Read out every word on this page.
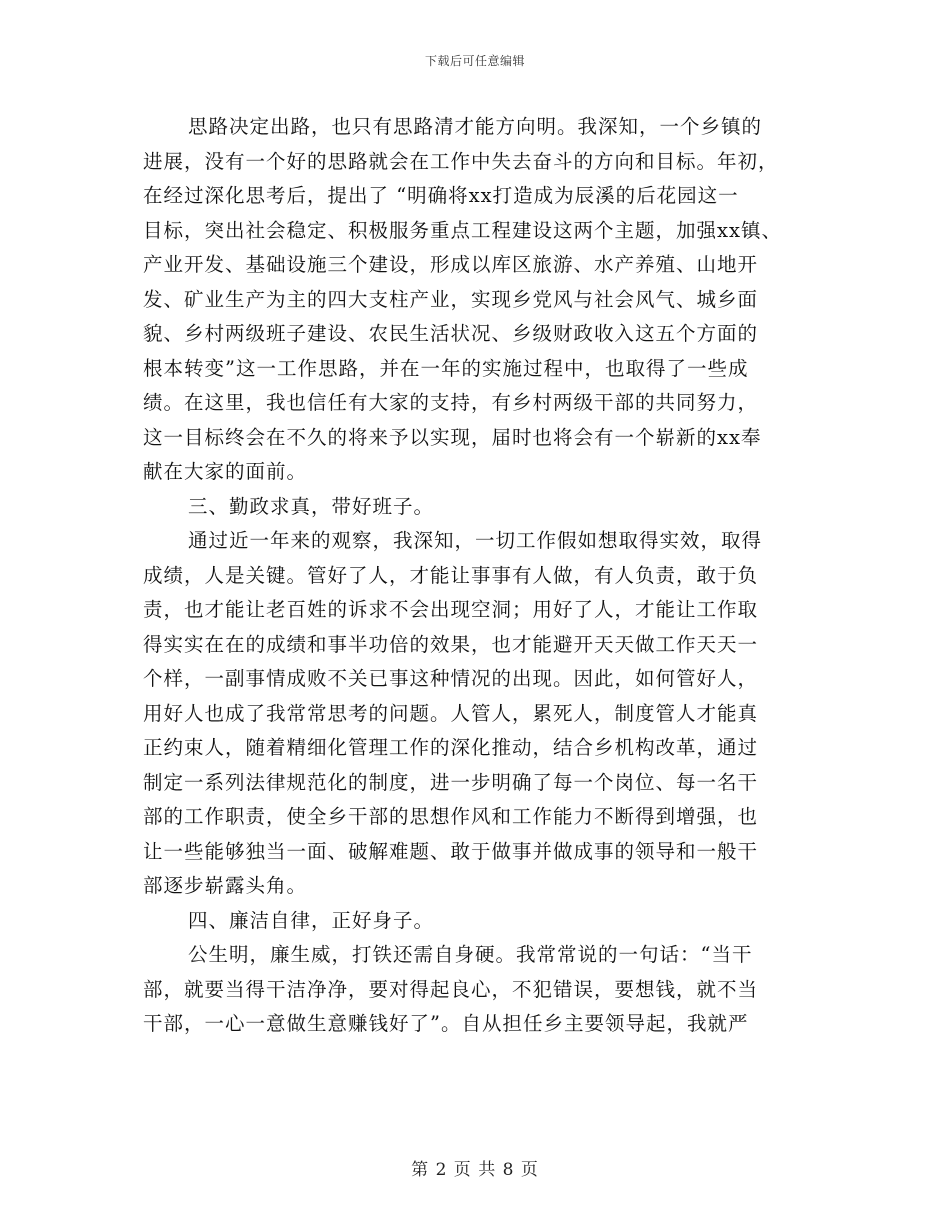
下载后可任意编辑
思路决定出路，也只有思路清才能方向明。我深知，一个乡镇的
进展，没有一个好的思路就会在工作中失去奋斗的方向和目标。年初，
在经过深化思考后，提出了 “明确将xx打造成为辰溪的后花园这一
目标，突出社会稳定、积极服务重点工程建设这两个主题，加强xx镇、
产业开发、基础设施三个建设，形成以库区旅游、水产养殖、山地开
发、矿业生产为主的四大支柱产业，实现乡党风与社会风气、城乡面
貌、乡村两级班子建设、农民生活状况、乡级财政收入这五个方面的
根本转变”这一工作思路，并在一年的实施过程中，也取得了一些成
绩。在这里，我也信任有大家的支持，有乡村两级干部的共同努力，
这一目标终会在不久的将来予以实现，届时也将会有一个崭新的xx奉
献在大家的面前。
三、勤政求真，带好班子。
通过近一年来的观察，我深知，一切工作假如想取得实效，取得
成绩，人是关键。管好了人，才能让事事有人做，有人负责，敢于负
责，也才能让老百姓的诉求不会出现空洞；用好了人，才能让工作取
得实实在在的成绩和事半功倍的效果，也才能避开天天做工作天天一
个样，一副事情成败不关已事这种情况的出现。因此，如何管好人，
用好人也成了我常常思考的问题。人管人，累死人，制度管人才能真
正约束人，随着精细化管理工作的深化推动，结合乡机构改革，通过
制定一系列法律规范化的制度，进一步明确了每一个岗位、每一名干
部的工作职责，使全乡干部的思想作风和工作能力不断得到增强，也
让一些能够独当一面、破解难题、敢于做事并做成事的领导和一般干
部逐步崭露头角。
四、廉洁自律，正好身子。
公生明，廉生威，打铁还需自身硬。我常常说的一句话：“当干
部，就要当得干洁净净，要对得起良心，不犯错误，要想钱，就不当
干部，一心一意做生意赚钱好了”。自从担任乡主要领导起，我就严
第 2 页 共 8 页
